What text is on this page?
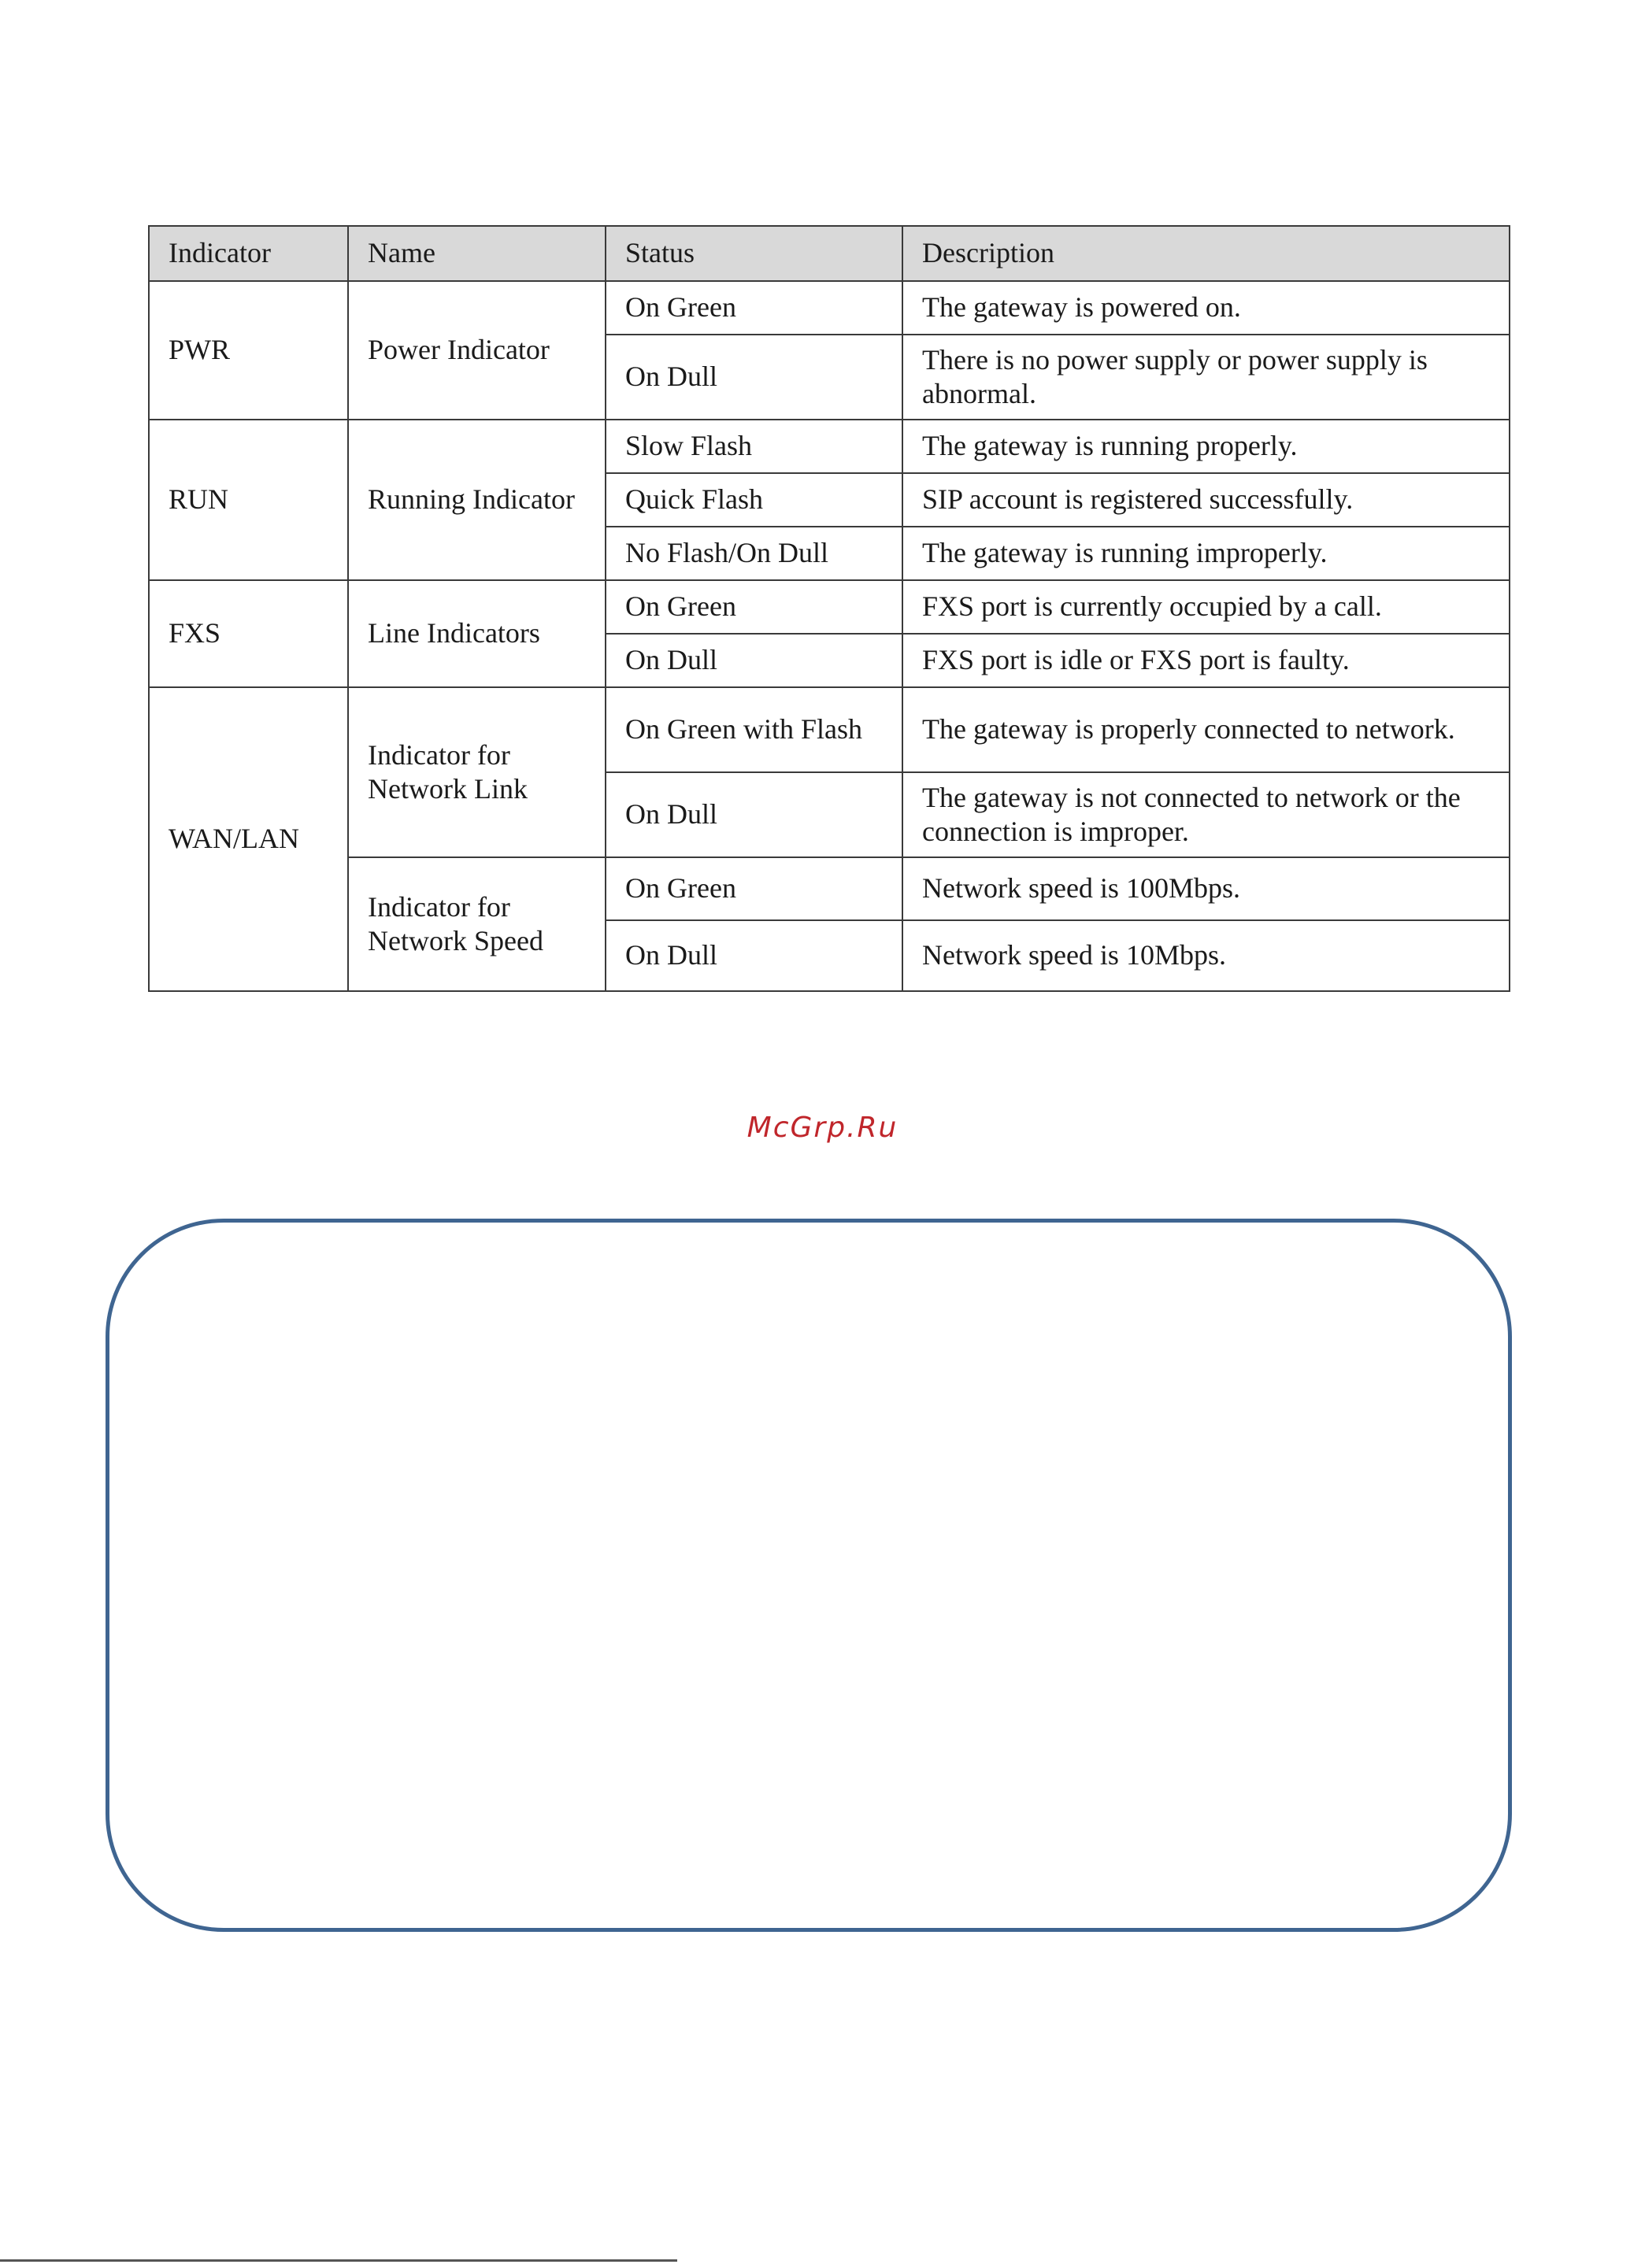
Indicator	Name	Status	Description
PWR	Power Indicator	On Green	The gateway is powered on.
		On Dull	There is no power supply or power supply is abnormal.
RUN	Running Indicator	Slow Flash	The gateway is running properly.
		Quick Flash	SIP account is registered successfully.
		No Flash/On Dull	The gateway is running improperly.
FXS	Line Indicators	On Green	FXS port is currently occupied by a call.
		On Dull	FXS port is idle or FXS port is faulty.
WAN/LAN	Indicator for Network Link	On Green with Flash	The gateway is properly connected to network.
		On Dull	The gateway is not connected to network or the connection is improper.
	Indicator for Network Speed	On Green	Network speed is 100Mbps.
		On Dull	Network speed is 10Mbps.
McGrp.Ru
